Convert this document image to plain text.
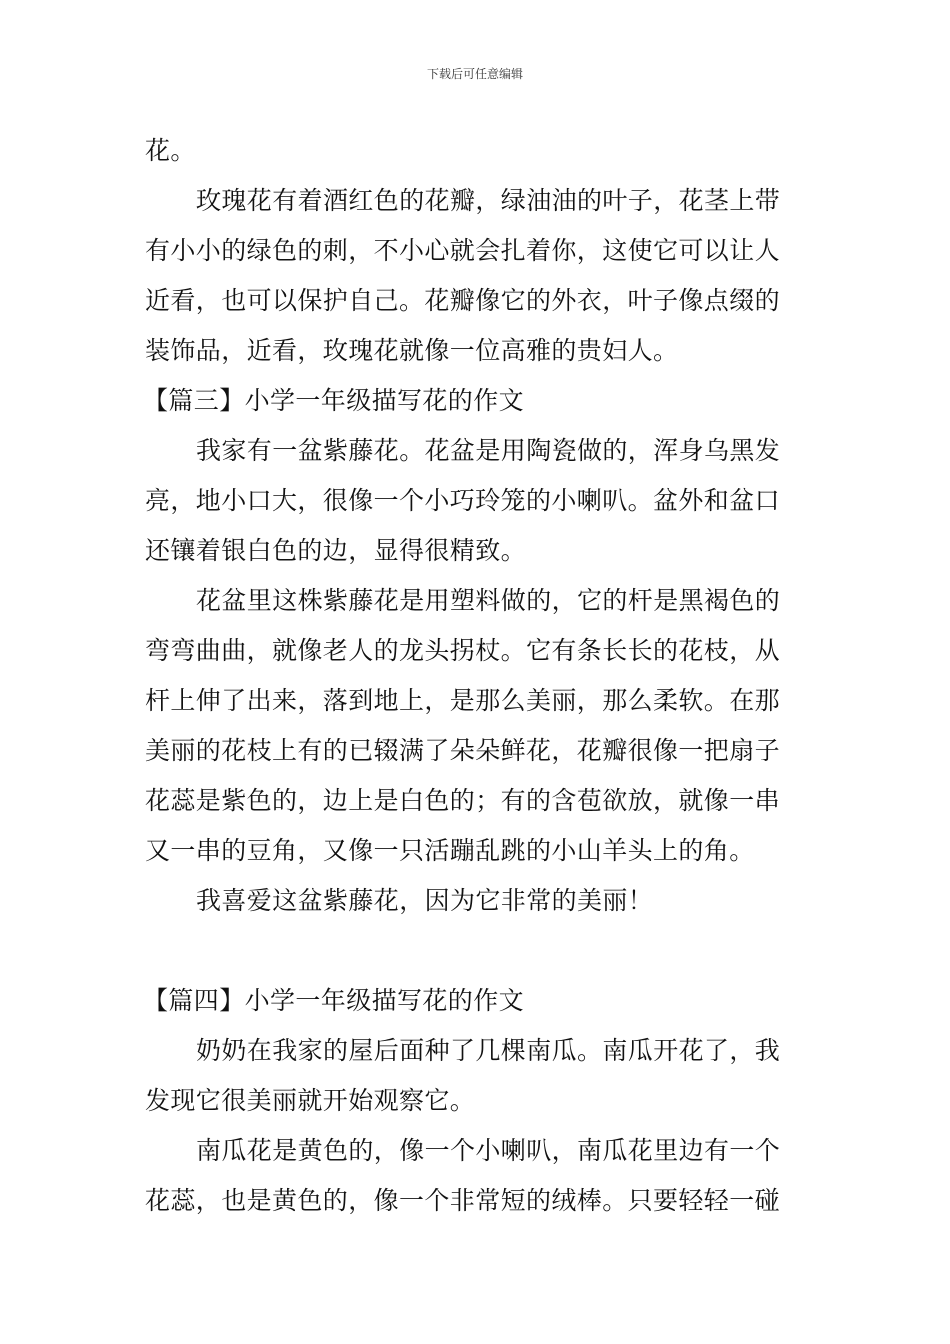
下载后可任意编辑
花。
玫瑰花有着酒红色的花瓣，绿油油的叶子，花茎上带
有小小的绿色的刺，不小心就会扎着你，这使它可以让人
近看，也可以保护自己。花瓣像它的外衣，叶子像点缀的
装饰品，近看，玫瑰花就像一位高雅的贵妇人。
【篇三】小学一年级描写花的作文
我家有一盆紫藤花。花盆是用陶瓷做的，浑身乌黑发
亮，地小口大，很像一个小巧玲笼的小喇叭。盆外和盆口
还镶着银白色的边，显得很精致。
花盆里这株紫藤花是用塑料做的，它的杆是黑褐色的
弯弯曲曲，就像老人的龙头拐杖。它有条长长的花枝，从
杆上伸了出来，落到地上，是那么美丽，那么柔软。在那
美丽的花枝上有的已辍满了朵朵鲜花，花瓣很像一把扇子
花蕊是紫色的，边上是白色的；有的含苞欲放，就像一串
又一串的豆角，又像一只活蹦乱跳的小山羊头上的角。
我喜爱这盆紫藤花，因为它非常的美丽！
【篇四】小学一年级描写花的作文
奶奶在我家的屋后面种了几棵南瓜。南瓜开花了，我
发现它很美丽就开始观察它。
南瓜花是黄色的，像一个小喇叭，南瓜花里边有一个
花蕊，也是黄色的，像一个非常短的绒棒。只要轻轻一碰
